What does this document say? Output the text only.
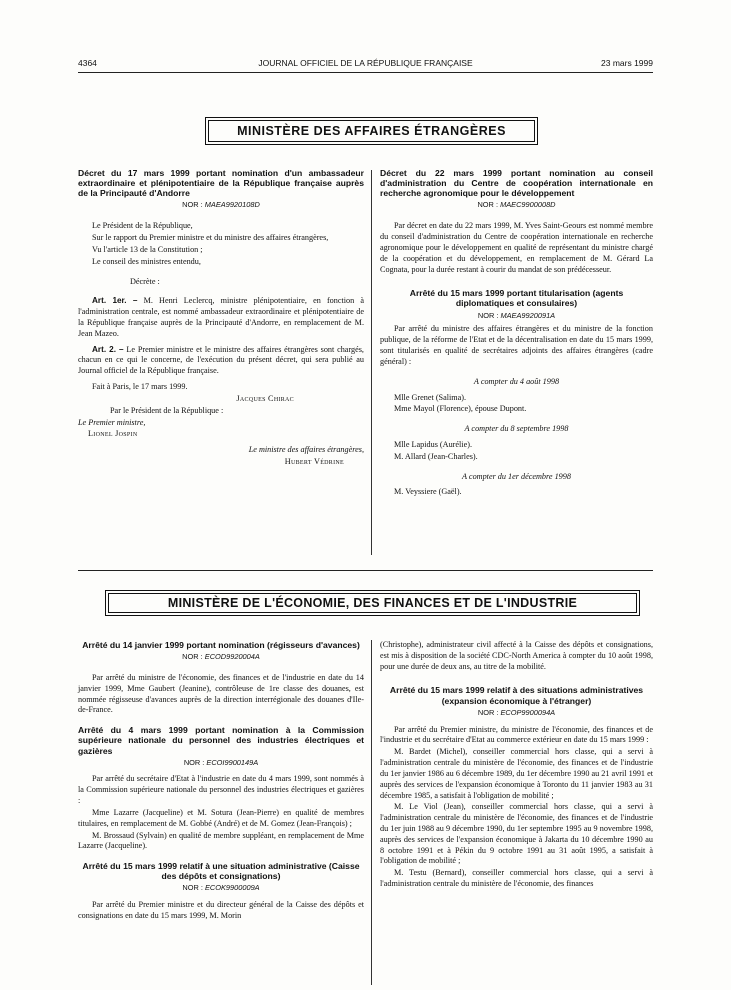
4364	JOURNAL OFFICIEL DE LA RÉPUBLIQUE FRANÇAISE	23 mars 1999
MINISTÈRE DES AFFAIRES ÉTRANGÈRES
Décret du 17 mars 1999 portant nomination d'un ambassadeur extraordinaire et plénipotentiaire de la République française auprès de la Principauté d'Andorre
NOR : MAEA9920108D

Le Président de la République,

Sur le rapport du Premier ministre et du ministre des affaires étrangères,

Vu l'article 13 de la Constitution ;

Le conseil des ministres entendu,

Décrète :

Art. 1er. – M. Henri Leclercq, ministre plénipotentiaire, en fonction à l'administration centrale, est nommé ambassadeur extraordinaire et plénipotentiaire de la République française auprès de la Principauté d'Andorre, en remplacement de M. Jean Mazeo.

Art. 2. – Le Premier ministre et le ministre des affaires étrangères sont chargés, chacun en ce qui le concerne, de l'exécution du présent décret, qui sera publié au Journal officiel de la République française.

Fait à Paris, le 17 mars 1999.

Jacques Chirac

Par le Président de la République :

Le Premier ministre,

Lionel Jospin

Le ministre des affaires étrangères,

Hubert Védrine

Décret du 22 mars 1999 portant nomination au conseil d'administration du Centre de coopération internationale en recherche agronomique pour le développement
NOR : MAEC9900008D

Par décret en date du 22 mars 1999, M. Yves Saint-Geours est nommé membre du conseil d'administration du Centre de coopération internationale en recherche agronomique pour le développement en qualité de représentant du ministre chargé de la coopération et du développement, en remplacement de M. Gérard La Cognata, pour la durée restant à courir du mandat de son prédécesseur.

Arrêté du 15 mars 1999 portant titularisation (agents diplomatiques et consulaires)
NOR : MAEA9920091A

Par arrêté du ministre des affaires étrangères et du ministre de la fonction publique, de la réforme de l'Etat et de la décentralisation en date du 15 mars 1999, sont titularisés en qualité de secrétaires adjoints des affaires étrangères (cadre général) :

A compter du 4 août 1998

Mlle Grenet (Salima).

Mme Mayol (Florence), épouse Dupont.

A compter du 8 septembre 1998

Mlle Lapidus (Aurélie).

M. Allard (Jean-Charles).

A compter du 1er décembre 1998

M. Veyssiere (Gaël).

MINISTÈRE DE L'ÉCONOMIE, DES FINANCES ET DE L'INDUSTRIE
Arrêté du 14 janvier 1999 portant nomination (régisseurs d'avances)
NOR : ECOD9920004A

Par arrêté du ministre de l'économie, des finances et de l'industrie en date du 14 janvier 1999, Mme Gaubert (Jeanine), contrôleuse de 1re classe des douanes, est nommée régisseuse d'avances auprès de la direction interrégionale des douanes d'Ile-de-France.

Arrêté du 4 mars 1999 portant nomination à la Commission supérieure nationale du personnel des industries électriques et gazières
NOR : ECOI9900149A

Par arrêté du secrétaire d'Etat à l'industrie en date du 4 mars 1999, sont nommés à la Commission supérieure nationale du personnel des industries électriques et gazières :

Mme Lazarre (Jacqueline) et M. Sotura (Jean-Pierre) en qualité de membres titulaires, en remplacement de M. Gobbé (André) et de M. Gomez (Jean-François) ;

M. Brossaud (Sylvain) en qualité de membre suppléant, en remplacement de Mme Lazarre (Jacqueline).

Arrêté du 15 mars 1999 relatif à une situation administrative (Caisse des dépôts et consignations)
NOR : ECOK9900009A

Par arrêté du Premier ministre et du directeur général de la Caisse des dépôts et consignations en date du 15 mars 1999, M. Morin

(Christophe), administrateur civil affecté à la Caisse des dépôts et consignations, est mis à disposition de la société CDC-North America à compter du 10 août 1998, pour une durée de deux ans, au titre de la mobilité.

Arrêté du 15 mars 1999 relatif à des situations administratives (expansion économique à l'étranger)
NOR : ECOP9900094A

Par arrêté du Premier ministre, du ministre de l'économie, des finances et de l'industrie et du secrétaire d'Etat au commerce extérieur en date du 15 mars 1999 :

M. Bardet (Michel), conseiller commercial hors classe, qui a servi à l'administration centrale du ministère de l'économie, des finances et de l'industrie du 1er janvier 1986 au 6 décembre 1989, du 1er décembre 1990 au 21 avril 1991 et auprès des services de l'expansion économique à Toronto du 11 janvier 1983 au 31 décembre 1985, a satisfait à l'obligation de mobilité ;

M. Le Viol (Jean), conseiller commercial hors classe, qui a servi à l'administration centrale du ministère de l'économie, des finances et de l'industrie du 1er juin 1988 au 9 décembre 1990, du 1er septembre 1995 au 9 novembre 1998, auprès des services de l'expansion économique à Jakarta du 10 décembre 1990 au 8 octobre 1991 et à Pékin du 9 octobre 1991 au 31 août 1995, a satisfait à l'obligation de mobilité ;

M. Testu (Bernard), conseiller commercial hors classe, qui a servi à l'administration centrale du ministère de l'économie, des finances
